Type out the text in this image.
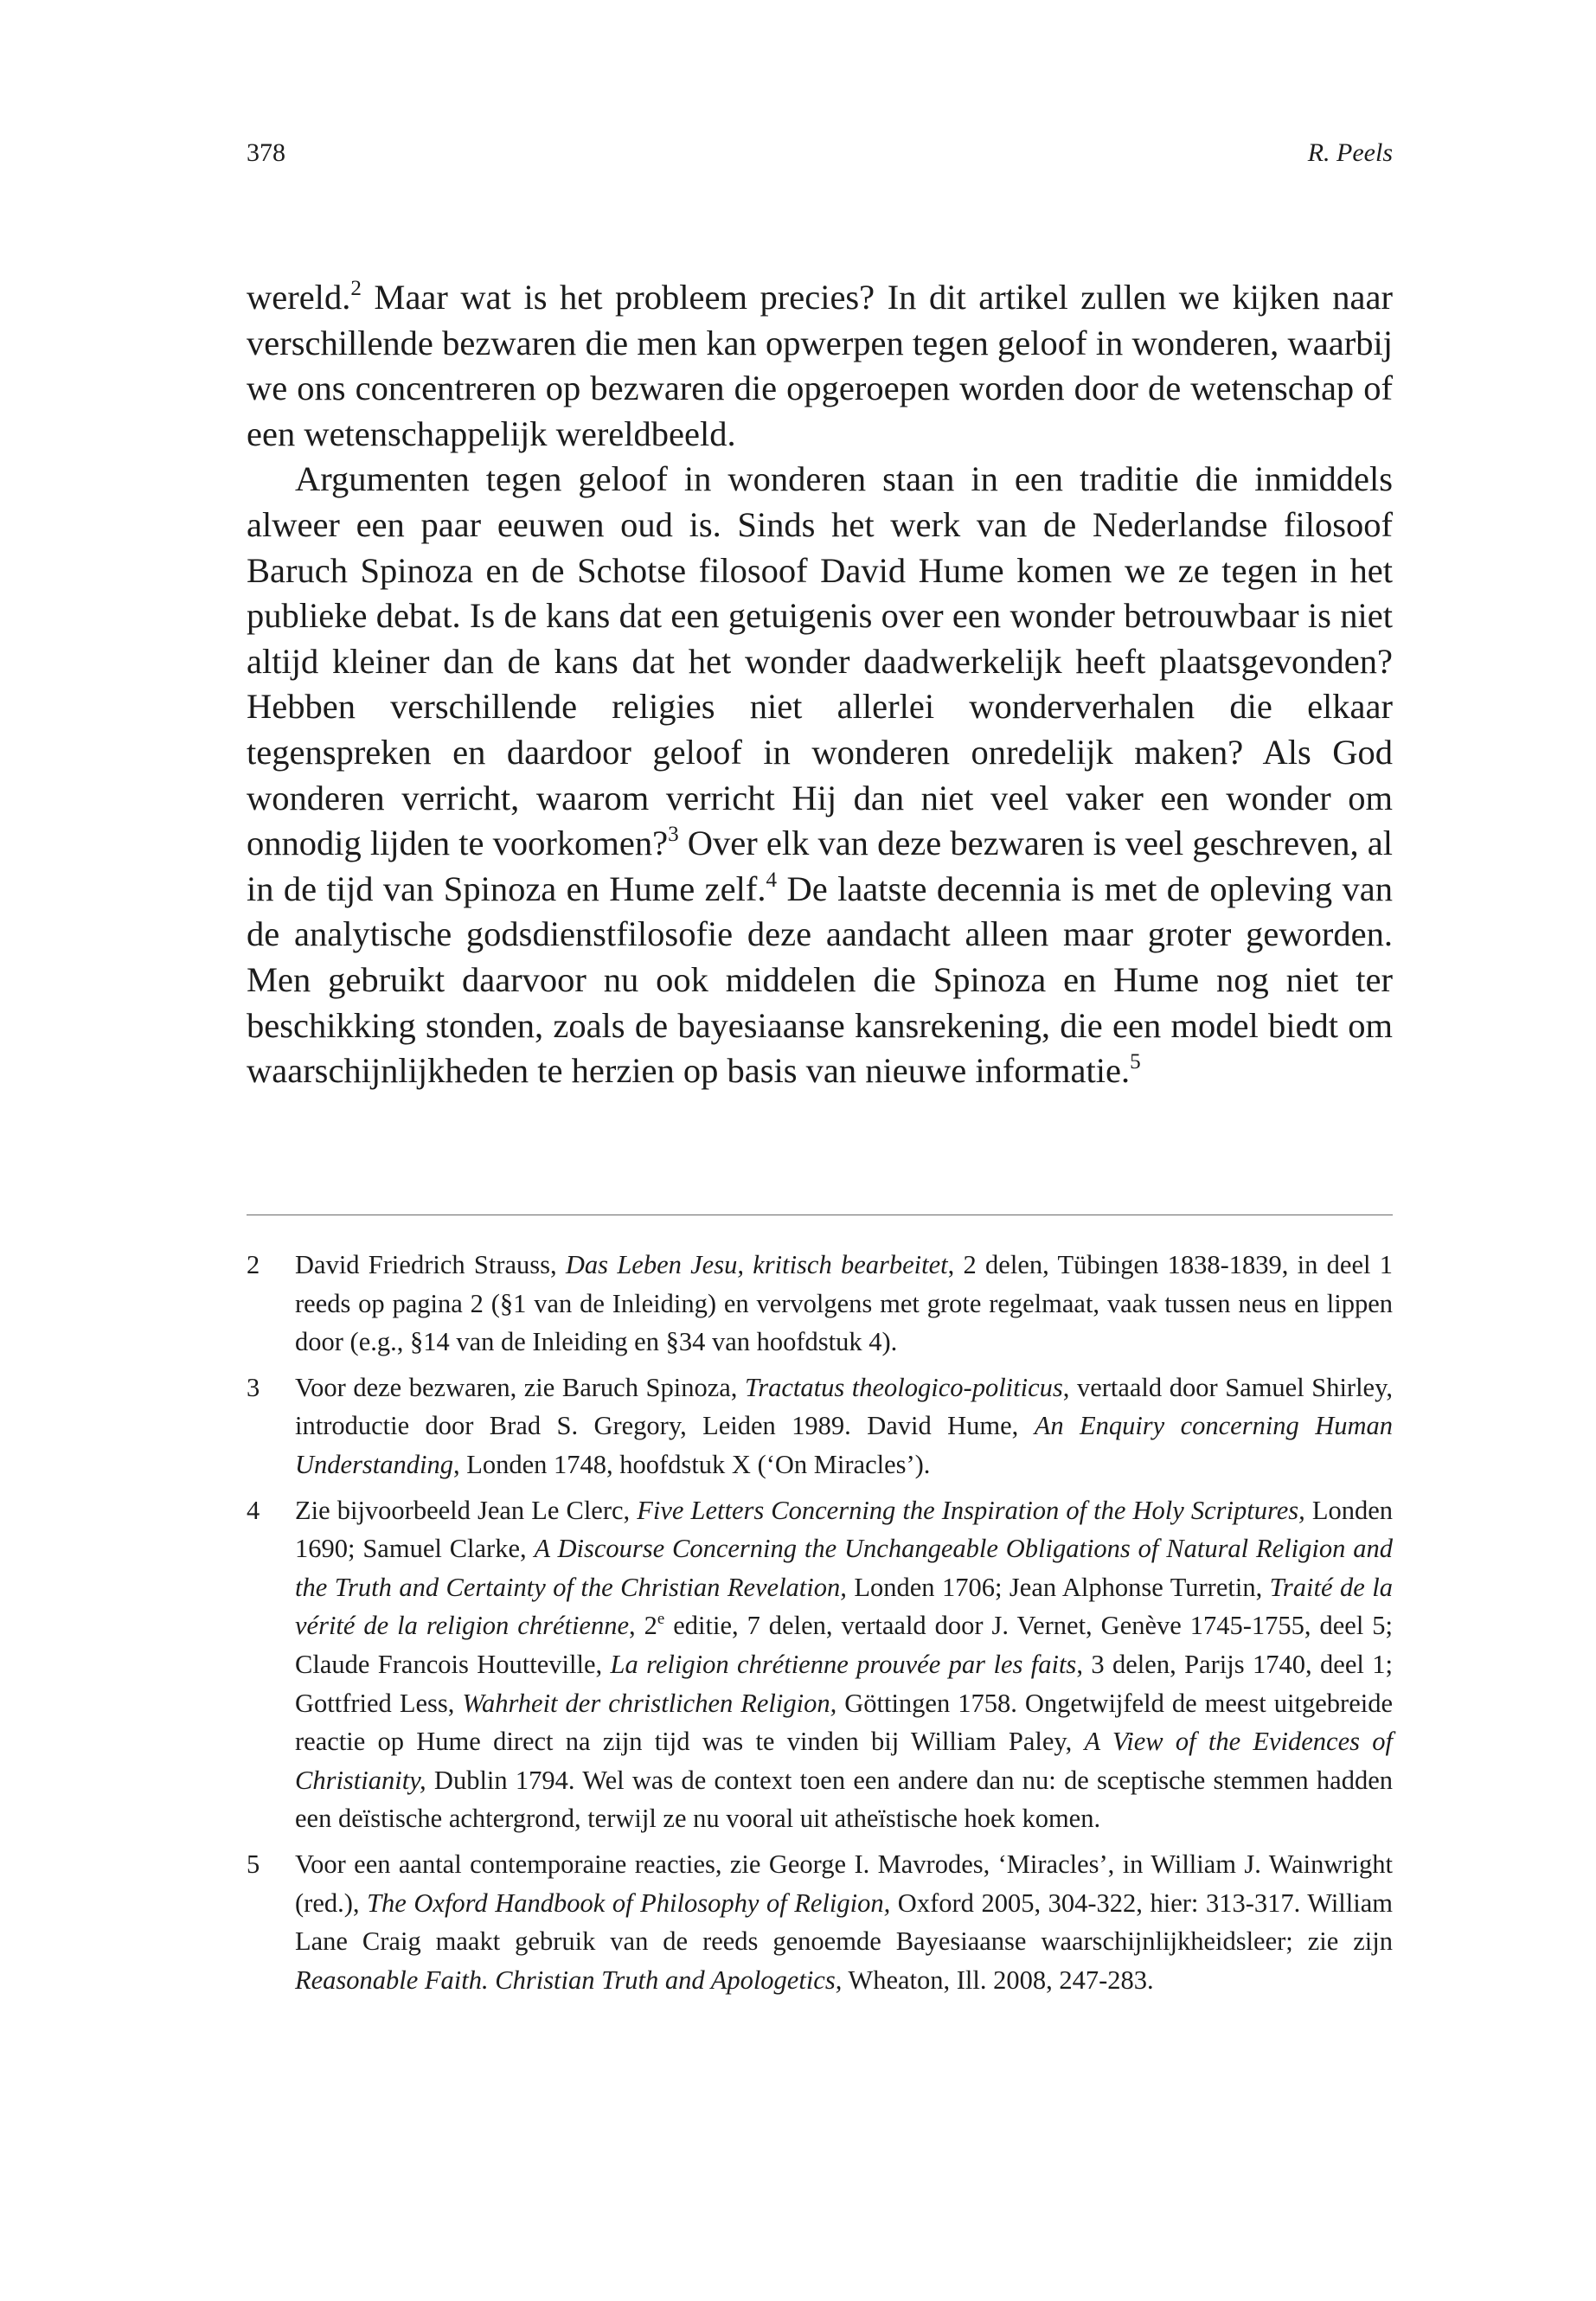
378	R. Peels

wereld.$^2$ Maar wat is het probleem precies? In dit artikel zullen we kijken naar verschillende bezwaren die men kan opwerpen tegen geloof in wonderen, waarbij we ons concentreren op bezwaren die opgeroepen worden door de wetenschap of een wetenschappelijk wereldbeeld.

Argumenten tegen geloof in wonderen staan in een traditie die inmiddels alweer een paar eeuwen oud is. Sinds het werk van de Nederlandse filosoof Baruch Spinoza en de Schotse filosoof David Hume komen we ze tegen in het publieke debat. Is de kans dat een getuigenis over een wonder betrouwbaar is niet altijd kleiner dan de kans dat het wonder daadwerkelijk heeft plaatsgevonden? Hebben verschillende religies niet allerlei wonderverhalen die elkaar tegenspreken en daardoor geloof in wonderen onredelijk maken? Als God wonderen verricht, waarom verricht Hij dan niet veel vaker een wonder om onnodig lijden te voorkomen?$^3$ Over elk van deze bezwaren is veel geschreven, al in de tijd van Spinoza en Hume zelf.$^4$ De laatste decennia is met de opleving van de analytische godsdienstfilosofie deze aandacht alleen maar groter geworden. Men gebruikt daarvoor nu ook middelen die Spinoza en Hume nog niet ter beschikking stonden, zoals de bayesiaanse kansrekening, die een model biedt om waarschijnlijkheden te herzien op basis van nieuwe informatie.$^5$

2	David Friedrich Strauss, Das Leben Jesu, kritisch bearbeitet, 2 delen, Tübingen 1838-1839, in deel 1 reeds op pagina 2 (§1 van de Inleiding) en vervolgens met grote regelmaat, vaak tussen neus en lippen door (e.g., §14 van de Inleiding en §34 van hoofdstuk 4).
3	Voor deze bezwaren, zie Baruch Spinoza, Tractatus theologico-politicus, vertaald door Samuel Shirley, introductie door Brad S. Gregory, Leiden 1989. David Hume, An Enquiry concerning Human Understanding, Londen 1748, hoofdstuk X (‘On Miracles’).
4	Zie bijvoorbeeld Jean Le Clerc, Five Letters Concerning the Inspiration of the Holy Scriptures, Londen 1690; Samuel Clarke, A Discourse Concerning the Unchangeable Obligations of Natural Religion and the Truth and Certainty of the Christian Revelation, Londen 1706; Jean Alphonse Turretin, Traité de la vérité de la religion chrétienne, 2e editie, 7 delen, vertaald door J. Vernet, Genève 1745-1755, deel 5; Claude Francois Houtteville, La religion chrétienne prouvée par les faits, 3 delen, Parijs 1740, deel 1; Gottfried Less, Wahrheit der christlichen Religion, Göttingen 1758. Ongetwijfeld de meest uitgebreide reactie op Hume direct na zijn tijd was te vinden bij William Paley, A View of the Evidences of Christianity, Dublin 1794. Wel was de context toen een andere dan nu: de sceptische stemmen hadden een deïstische achtergrond, terwijl ze nu vooral uit atheïstische hoek komen.
5	Voor een aantal contemporaine reacties, zie George I. Mavrodes, ‘Miracles’, in William J. Wainwright (red.), The Oxford Handbook of Philosophy of Religion, Oxford 2005, 304-322, hier: 313-317. William Lane Craig maakt gebruik van de reeds genoemde Bayesiaanse waarschijnlijkheidsleer; zie zijn Reasonable Faith. Christian Truth and Apologetics, Wheaton, Ill. 2008, 247-283.
